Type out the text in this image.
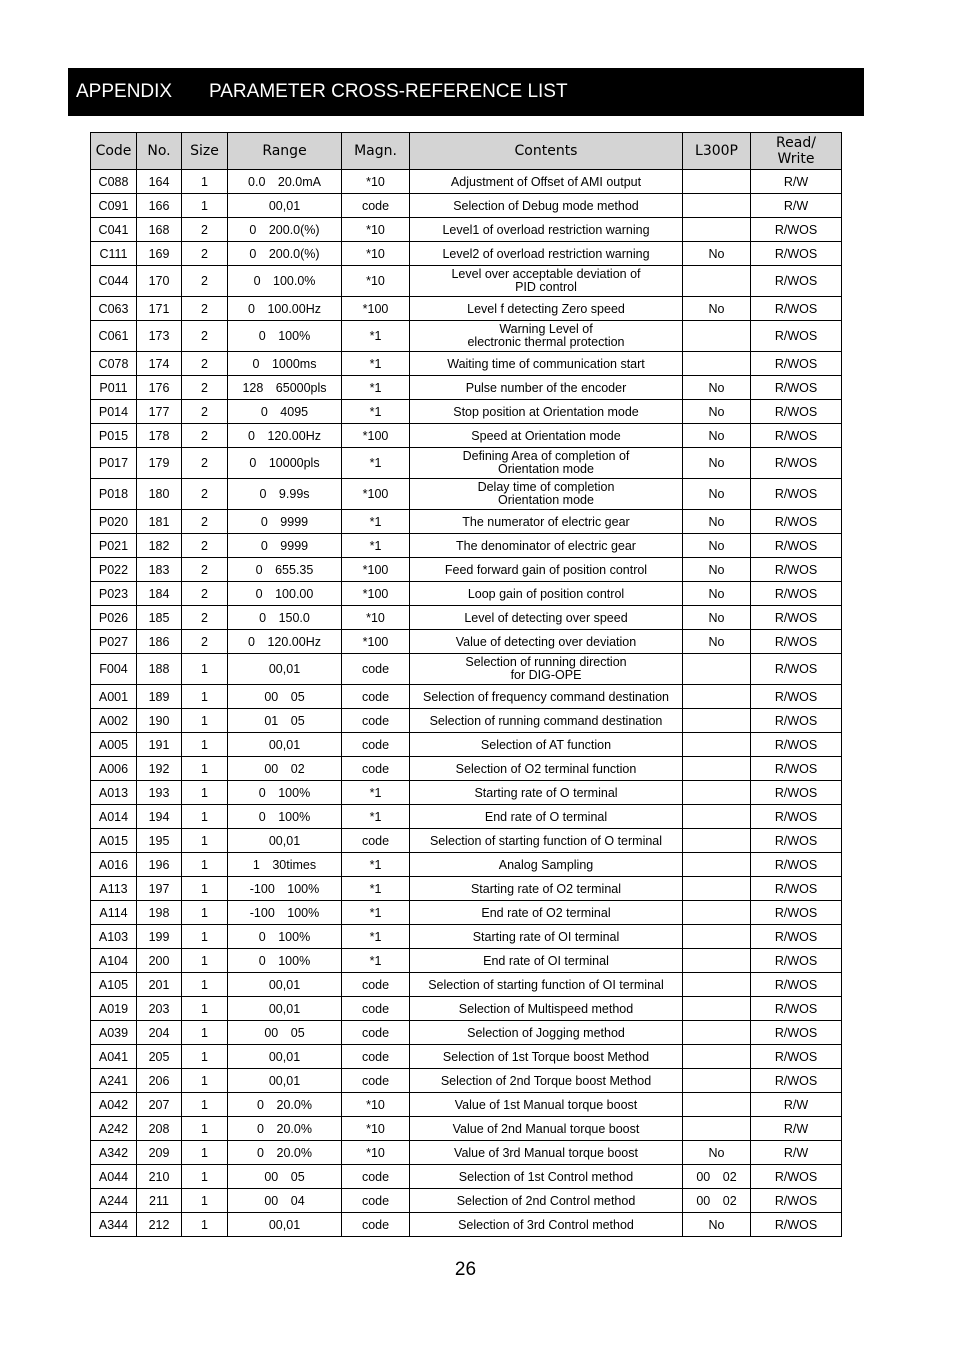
APPENDIX	PARAMETER CROSS-REFERENCE LIST
Code	No.	Size	Range	Magn.	Contents	L300P	Read/
Write
C088	164	1	0.0　20.0mA	*10	Adjustment of Offset of AMI output		R/W
C091	166	1	00,01	code	Selection of Debug mode method		R/W
C041	168	2	0　200.0(%)	*10	Level1 of overload restriction warning		R/WOS
C111	169	2	0　200.0(%)	*10	Level2 of overload restriction warning	No	R/WOS
C044	170	2	0　100.0%	*10	Level over acceptable deviation of
PID control		R/WOS
C063	171	2	0　100.00Hz	*100	Level f detecting Zero speed	No	R/WOS
C061	173	2	0　100%	*1	Warning Level of
electronic thermal protection		R/WOS
C078	174	2	0　1000ms	*1	Waiting time of communication start		R/WOS
P011	176	2	128　65000pls	*1	Pulse number of the encoder	No	R/WOS
P014	177	2	0　4095	*1	Stop position at Orientation mode	No	R/WOS
P015	178	2	0　120.00Hz	*100	Speed at Orientation mode	No	R/WOS
P017	179	2	0　10000pls	*1	Defining Area of completion of
Orientation mode	No	R/WOS
P018	180	2	0　9.99s	*100	Delay time of completion
Orientation mode	No	R/WOS
P020	181	2	0　9999	*1	The numerator of electric gear	No	R/WOS
P021	182	2	0　9999	*1	The denominator of electric gear	No	R/WOS
P022	183	2	0　655.35	*100	Feed forward gain of position control	No	R/WOS
P023	184	2	0　100.00	*100	Loop gain of position control	No	R/WOS
P026	185	2	0　150.0	*10	Level of detecting over speed	No	R/WOS
P027	186	2	0　120.00Hz	*100	Value of detecting over deviation	No	R/WOS
F004	188	1	00,01	code	Selection of running direction
for DIG-OPE		R/WOS
A001	189	1	00　05	code	Selection of frequency command destination		R/WOS
A002	190	1	01　05	code	Selection of running command destination		R/WOS
A005	191	1	00,01	code	Selection of AT function		R/WOS
A006	192	1	00　02	code	Selection of O2 terminal function		R/WOS
A013	193	1	0　100%	*1	Starting rate of O terminal		R/WOS
A014	194	1	0　100%	*1	End rate of O terminal		R/WOS
A015	195	1	00,01	code	Selection of starting function of O terminal		R/WOS
A016	196	1	1　30times	*1	Analog Sampling		R/WOS
A113	197	1	-100　100%	*1	Starting rate of O2 terminal		R/WOS
A114	198	1	-100　100%	*1	End rate of O2 terminal		R/WOS
A103	199	1	0　100%	*1	Starting rate of OI terminal		R/WOS
A104	200	1	0　100%	*1	End rate of OI terminal		R/WOS
A105	201	1	00,01	code	Selection of starting function of OI terminal		R/WOS
A019	203	1	00,01	code	Selection of Multispeed method		R/WOS
A039	204	1	00　05	code	Selection of Jogging method		R/WOS
A041	205	1	00,01	code	Selection of 1st Torque boost Method		R/WOS
A241	206	1	00,01	code	Selection of 2nd Torque boost Method		R/WOS
A042	207	1	0　20.0%	*10	Value of 1st Manual torque boost		R/W
A242	208	1	0　20.0%	*10	Value of 2nd Manual torque boost		R/W
A342	209	1	0　20.0%	*10	Value of 3rd Manual torque boost	No	R/W
A044	210	1	00　05	code	Selection of 1st Control method	00　02	R/WOS
A244	211	1	00　04	code	Selection of 2nd Control method	00　02	R/WOS
A344	212	1	00,01	code	Selection of 3rd Control method	No	R/WOS
26
